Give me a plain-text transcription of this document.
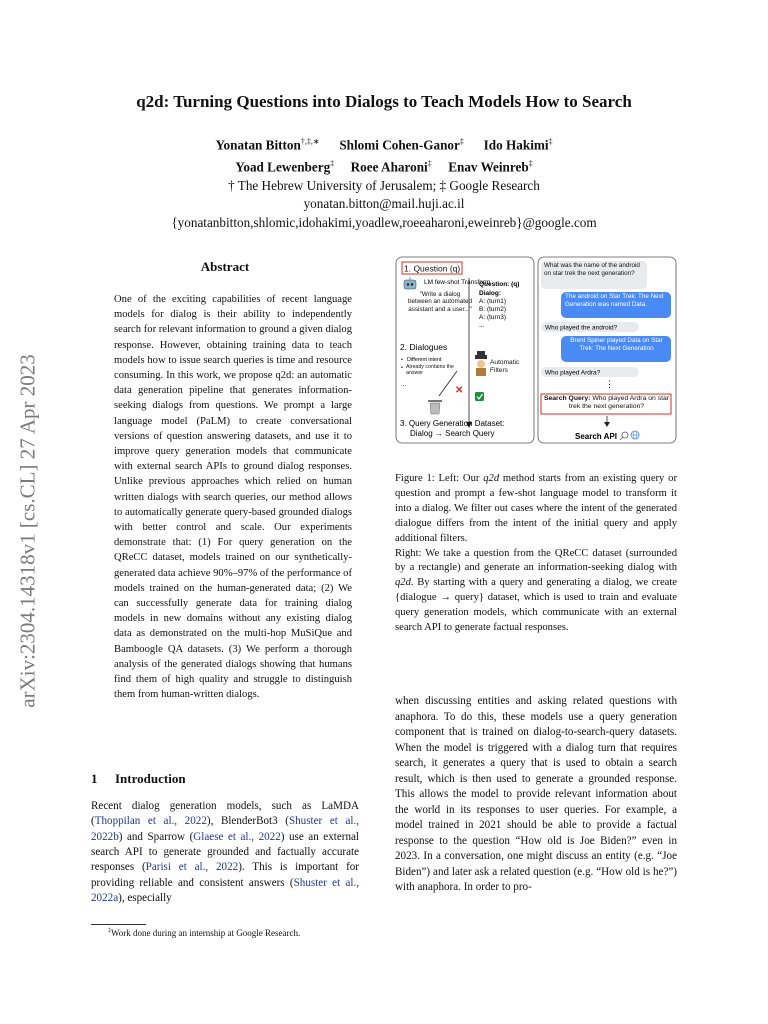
arXiv:2304.14318v1 [cs.CL] 27 Apr 2023
q2d: Turning Questions into Dialogs to Teach Models How to Search
Yonatan Bitton†,‡,∗ Shlomi Cohen-Ganor‡ Ido Hakimi‡
Yoad Lewenberg‡ Roee Aharoni‡ Enav Weinreb‡
† The Hebrew University of Jerusalem; ‡ Google Research
yonatan.bitton@mail.huji.ac.il
{yonatanbitton,shlomic,idohakimi,yoadlew,roeeaharoni,eweinreb}@google.com
Abstract
One of the exciting capabilities of recent language models for dialog is their ability to independently search for relevant information to ground a given dialog response. However, obtaining training data to teach models how to issue search queries is time and resource consuming. In this work, we propose q2d: an automatic data generation pipeline that generates information-seeking dialogs from questions. We prompt a large language model (PaLM) to create conversational versions of question answering datasets, and use it to improve query generation models that communicate with external search APIs to ground dialog responses. Unlike previous approaches which relied on human written dialogs with search queries, our method allows to automatically generate query-based grounded dialogs with better control and scale. Our experiments demonstrate that: (1) For query generation on the QReCC dataset, models trained on our synthetically-generated data achieve 90%–97% of the performance of models trained on the human-generated data; (2) We can successfully generate data for training dialog models in new domains without any existing dialog data as demonstrated on the multi-hop MuSiQue and Bamboogle QA datasets. (3) We perform a thorough analysis of the generated dialogs showing that humans find them of high quality and struggle to distinguish them from human-written dialogs.
1 Introduction

Recent dialog generation models, such as LaMDA (Thoppilan et al., 2022), BlenderBot3 (Shuster et al., 2022b) and Sparrow (Glaese et al., 2022) use an external search API to generate grounded and factually accurate responses (Parisi et al., 2022). This is important for providing reliable and consistent answers (Shuster et al., 2022a), especially

‡Work done during an internship at Google Research.
1. Question (q)
LM few-shot Transform
"Write a dialog between an automated assistant and a user..."
Question: (q)
Dialog:
A: (turn1)
B: (turn2)
A: (turn3)
...
2. Dialogues
• Different intent
• Already contains the answer
...
Automatic Filters
✕
3. Query Generation Dataset:
Dialog → Search Query
What was the name of the android on star trek the next generation?
The android on Star Trek: The Next Generation was named Data.
Who played the android?
Brent Spiner played Data on Star Trek: The Next Generation
Who played Ardra?
⋮
Search Query: Who played Ardra on star trek the next generation?
Search API
Figure 1: Left: Our q2d method starts from an existing query or question and prompt a few-shot language model to transform it into a dialog. We filter out cases where the intent of the generated dialogue differs from the intent of the initial query and apply additional filters.
Right: We take a question from the QReCC dataset (surrounded by a rectangle) and generate an information-seeking dialog with q2d. By starting with a query and generating a dialog, we create {dialogue → query} dataset, which is used to train and evaluate query generation models, which communicate with an external search API to generate factual responses.
when discussing entities and asking related questions with anaphora. To do this, these models use a query generation component that is trained on dialog-to-search-query datasets. When the model is triggered with a dialog turn that requires search, it generates a query that is used to obtain a search result, which is then used to generate a grounded response. This allows the model to provide relevant information about the world in its responses to user queries. For example, a model trained in 2021 should be able to provide a factual response to the question “How old is Joe Biden?” even in 2023. In a conversation, one might discuss an entity (e.g. “Joe Biden”) and later ask a related question (e.g. “How old is he?”) with anaphora. In order to pro-
